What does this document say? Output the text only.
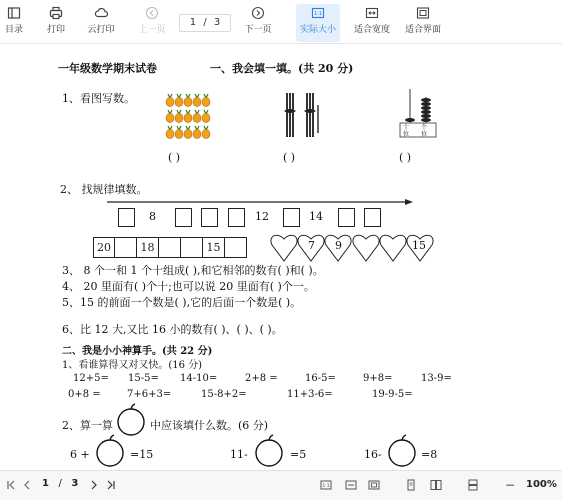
目录	打印	云打印	上一页
1 / 3
下一页
1:1
实际大小	适合宽度 适合界面
一年级数学期末试卷	一、我会填一填。(共 20 分)
1、看图写数。
十
位
个
位
( )	( )	( )
2、 找规律填数。
8	12	14
20	18	15	7 9	15
3、 8 个一和 1 个十组成( ),和它相邻的数有( )和( )。
4、 20 里面有( )个十;也可以说 20 里面有( )个一。
5、15 的前面一个数是( ),它的后面一个数是( )。
6、比 12 大,又比 16 小的数有( )、( )、( )。
二、我是小小神算手。(共 22 分)
1、看谁算得又对又快。(16 分)
12+5= 15-5= 14-10=	2+8 =	16-5=	9+8=	13-9=
0+8 =	7+6+3=	15-8+2=	11+3-6=	19-9-5=
2、算一算	中应该填什么数。(6 分)
6 +	=15	11-	=5	16-	=8
1 / 3	1:1	− 100%
